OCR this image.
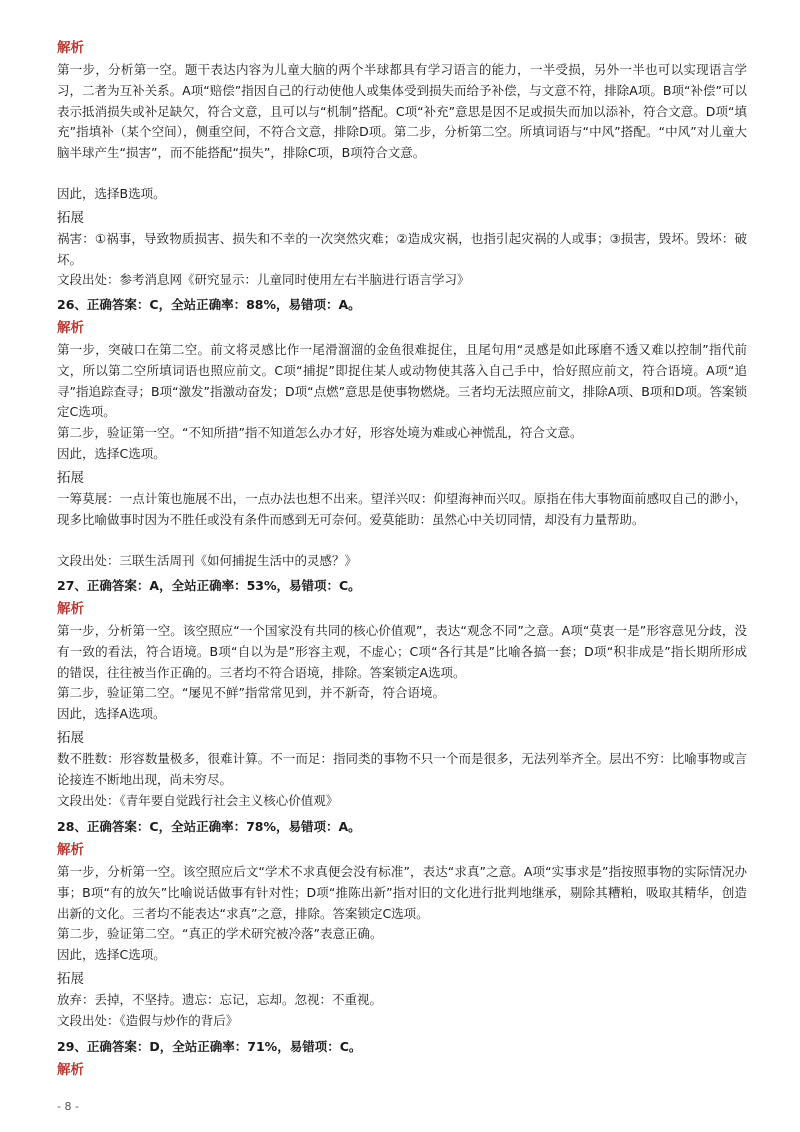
解析

第一步，分析第一空。题干表达内容为儿童大脑的两个半球都具有学习语言的能力，一半受损，另外一半也可以实现语言学习，二者为互补关系。A项“赔偿”指因自己的行动使他人或集体受到损失而给予补偿，与文意不符，排除A项。B项“补偿”可以表示抵消损失或补足缺欠，符合文意，且可以与“机制”搭配。C项“补充”意思是因不足或损失而加以添补，符合文意。D项“填充”指填补（某个空间），侧重空间，不符合文意，排除D项。第二步，分析第二空。所填词语与“中风”搭配。“中风”对儿童大脑半球产生“损害”，而不能搭配“损失”，排除C项，B项符合文意。

因此，选择B选项。

拓展

祸害：①祸事，导致物质损害、损失和不幸的一次突然灾难；②造成灾祸，也指引起灾祸的人或事；③损害，毁坏。毁坏：破坏。

文段出处：参考消息网《研究显示：儿童同时使用左右半脑进行语言学习》

26、正确答案：C，全站正确率：88%，易错项：A。

解析

第一步，突破口在第二空。前文将灵感比作一尾滑溜溜的金鱼很难捉住，且尾句用“灵感是如此琢磨不透又难以控制”指代前文，所以第二空所填词语也照应前文。C项“捕捉”即捉住某人或动物使其落入自己手中，恰好照应前文，符合语境。A项“追寻”指追踪查寻；B项“激发”指激动奋发；D项“点燃”意思是使事物燃烧。三者均无法照应前文，排除A项、B项和D项。答案锁定C选项。

第二步，验证第一空。“不知所措”指不知道怎么办才好，形容处境为难或心神慌乱，符合文意。

因此，选择C选项。

拓展

一筹莫展：一点计策也施展不出，一点办法也想不出来。望洋兴叹：仰望海神而兴叹。原指在伟大事物面前感叹自己的渺小，现多比喻做事时因为不胜任或没有条件而感到无可奈何。爱莫能助：虽然心中关切同情，却没有力量帮助。

文段出处：三联生活周刊《如何捕捉生活中的灵感？》

27、正确答案：A，全站正确率：53%，易错项：C。

解析

第一步，分析第一空。该空照应“一个国家没有共同的核心价值观”，表达“观念不同”之意。A项“莫衷一是”形容意见分歧，没有一致的看法，符合语境。B项“自以为是”形容主观，不虚心；C项“各行其是”比喻各搞一套；D项“积非成是”指长期所形成的错误，往往被当作正确的。三者均不符合语境，排除。答案锁定A选项。

第二步，验证第二空。“屡见不鲜”指常常见到，并不新奇，符合语境。

因此，选择A选项。

拓展

数不胜数：形容数量极多，很难计算。不一而足：指同类的事物不只一个而是很多，无法列举齐全。层出不穷：比喻事物或言论接连不断地出现，尚未穷尽。

文段出处：《青年要自觉践行社会主义核心价值观》

28、正确答案：C，全站正确率：78%，易错项：A。

解析

第一步，分析第一空。该空照应后文“学术不求真便会没有标准”，表达“求真”之意。A项“实事求是”指按照事物的实际情况办事；B项“有的放矢”比喻说话做事有针对性；D项“推陈出新”指对旧的文化进行批判地继承，剔除其糟粕，吸取其精华，创造出新的文化。三者均不能表达“求真”之意，排除。答案锁定C选项。

第二步，验证第二空。“真正的学术研究被冷落”表意正确。

因此，选择C选项。

拓展

放弃：丢掉，不坚持。遗忘：忘记，忘却。忽视：不重视。

文段出处：《造假与炒作的背后》

29、正确答案：D，全站正确率：71%，易错项：C。

解析
- 8 -
